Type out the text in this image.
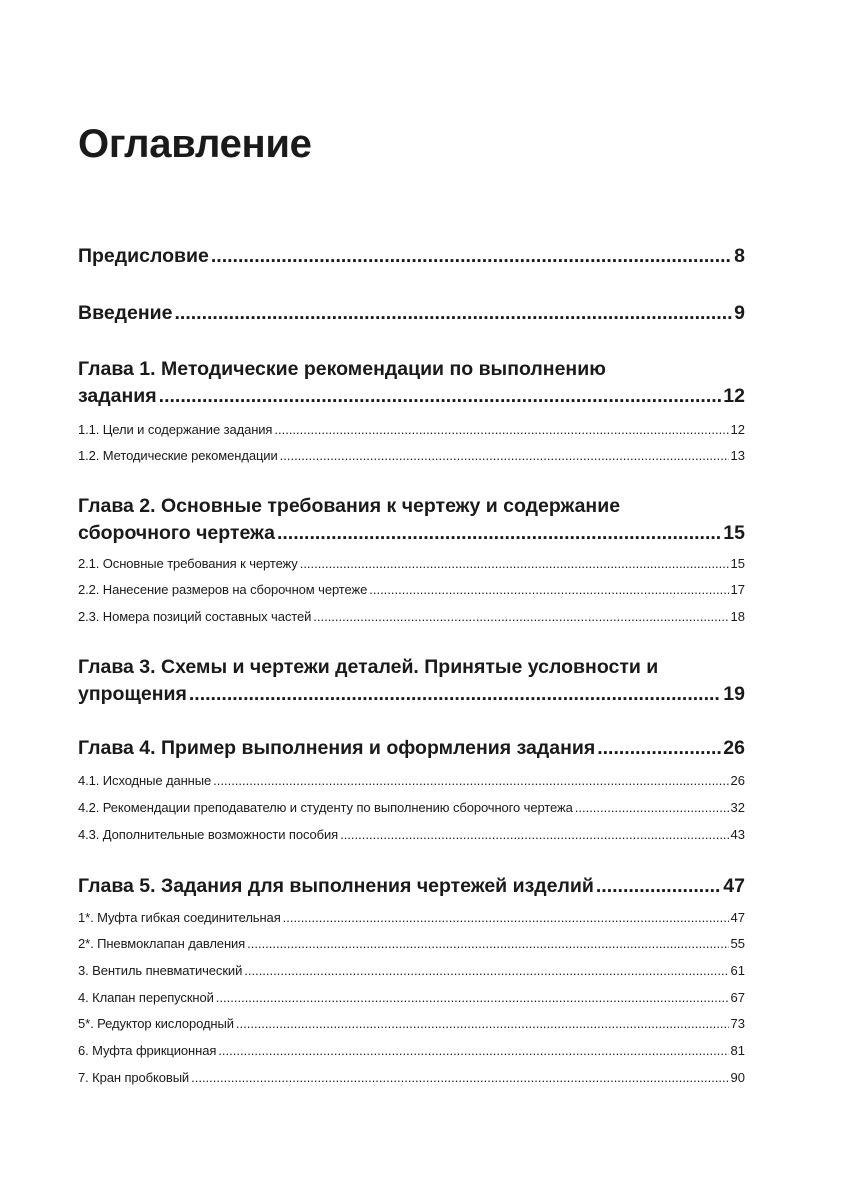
Оглавление
Предисловие .....	8
Введение .....	9
Глава 1. Методические рекомендации по выполнению
задания .....	12
1.1. Цели и содержание задания .....	12
1.2. Методические рекомендации .....	13
Глава 2. Основные требования к чертежу и содержание
сборочного чертежа .....	15
2.1. Основные требования к чертежу .....	15
2.2. Нанесение размеров на сборочном чертеже .....	17
2.3. Номера позиций составных частей .....	18
Глава 3. Схемы и чертежи деталей. Принятые условности и
упрощения .....	19
Глава 4. Пример выполнения и оформления задания .....	26
4.1. Исходные данные .....	26
4.2. Рекомендации преподавателю и студенту по выполнению сборочного чертежа .....	32
4.3. Дополнительные возможности пособия .....	43
Глава 5. Задания для выполнения чертежей изделий .....	47
1*. Муфта гибкая соединительная .....	47
2*. Пневмоклапан давления .....	55
3. Вентиль пневматический .....	61
4. Клапан перепускной .....	67
5*. Редуктор кислородный .....	73
6. Муфта фрикционная .....	81
7. Кран пробковый .....	90
